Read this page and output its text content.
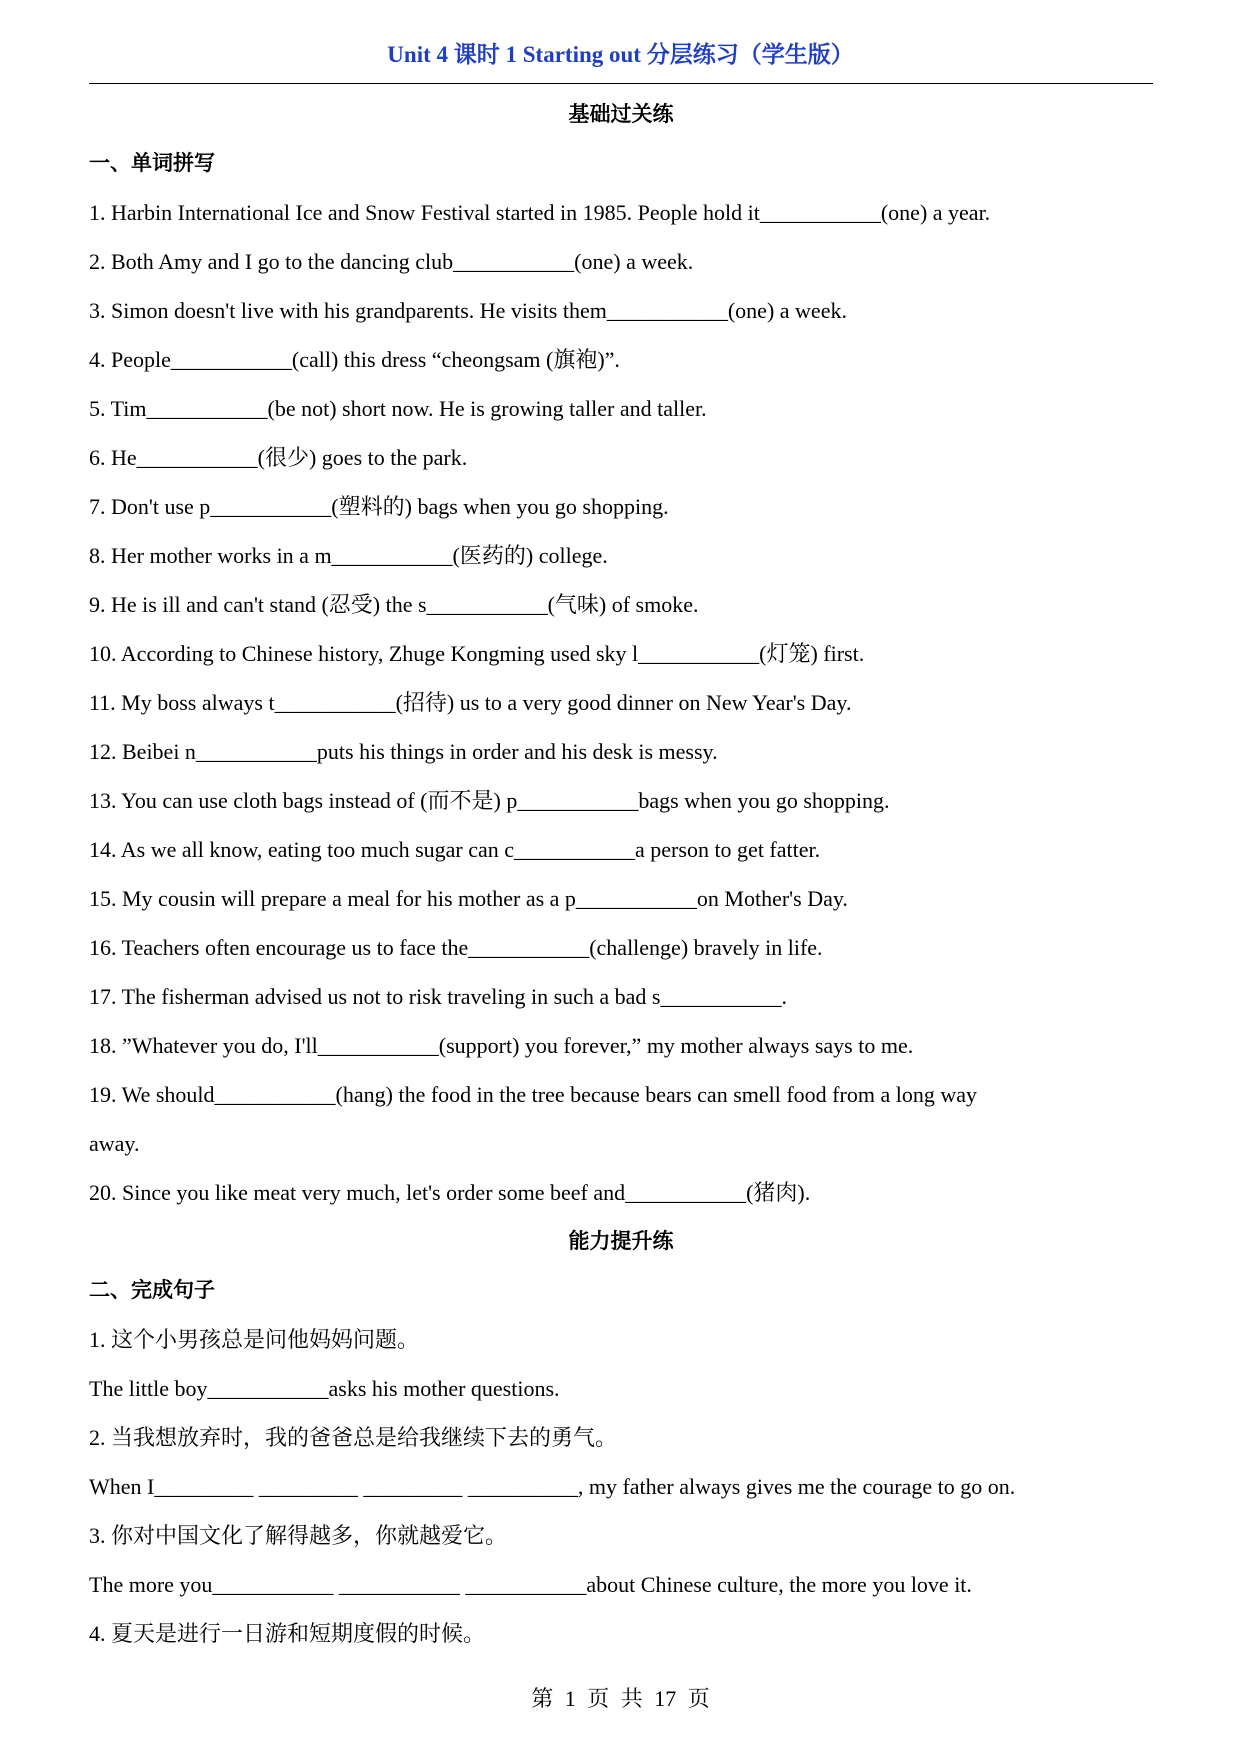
Unit 4 课时 1 Starting out 分层练习（学生版）
基础过关练
一、单词拼写
1. Harbin International Ice and Snow Festival started in 1985. People hold it___________(one) a year.
2. Both Amy and I go to the dancing club___________(one) a week.
3. Simon doesn't live with his grandparents. He visits them___________(one) a week.
4. People___________(call) this dress “cheongsam (旗袍)”.
5. Tim___________(be not) short now. He is growing taller and taller.
6. He___________(很少) goes to the park.
7. Don't use p___________(塑料的) bags when you go shopping.
8. Her mother works in a m___________(医药的) college.
9. He is ill and can't stand (忍受) the s___________(气味) of smoke.
10. According to Chinese history, Zhuge Kongming used sky l___________(灯笼) first.
11. My boss always t___________(招待) us to a very good dinner on New Year's Day.
12. Beibei n___________puts his things in order and his desk is messy.
13. You can use cloth bags instead of (而不是) p___________bags when you go shopping.
14. As we all know, eating too much sugar can c___________a person to get fatter.
15. My cousin will prepare a meal for his mother as a p___________on Mother's Day.
16. Teachers often encourage us to face the___________(challenge) bravely in life.
17. The fisherman advised us not to risk traveling in such a bad s___________.
18. ”Whatever you do, I'll___________(support) you forever,” my mother always says to me.
19. We should___________(hang) the food in the tree because bears can smell food from a long way
away.
20. Since you like meat very much, let's order some beef and___________(猪肉).
能力提升练
二、完成句子
1. 这个小男孩总是问他妈妈问题。
The little boy___________asks his mother questions.
2. 当我想放弃时，我的爸爸总是给我继续下去的勇气。
When I_________ _________ _________ __________, my father always gives me the courage to go on.
3. 你对中国文化了解得越多，你就越爱它。
The more you___________ ___________ ___________about Chinese culture, the more you love it.
4. 夏天是进行一日游和短期度假的时候。
第 1 页 共 17 页
